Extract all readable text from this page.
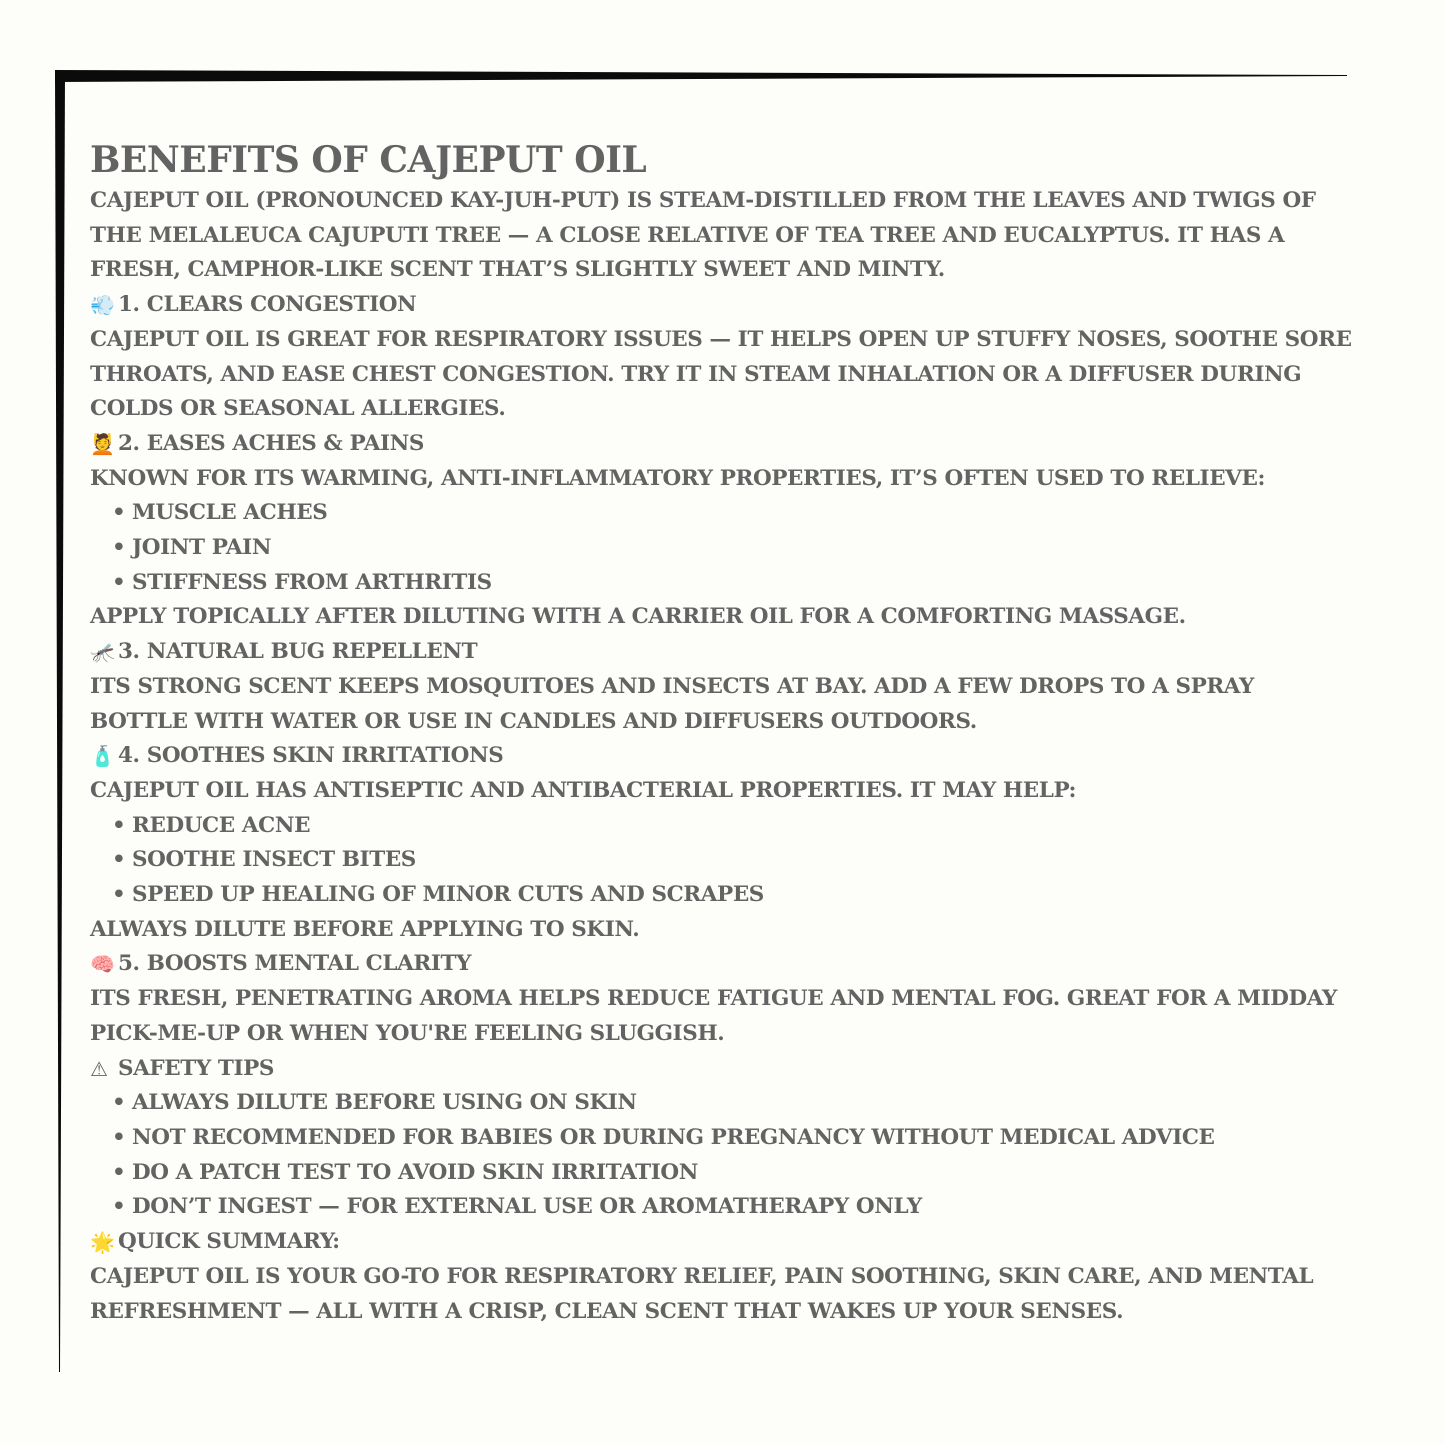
BENEFITS OF CAJEPUT OIL

CAJEPUT OIL (PRONOUNCED KAY-JUH-PUT) IS STEAM-DISTILLED FROM THE LEAVES AND TWIGS OF THE MELALEUCA CAJUPUTI TREE — A CLOSE RELATIVE OF TEA TREE AND EUCALYPTUS. IT HAS A FRESH, CAMPHOR-LIKE SCENT THAT’S SLIGHTLY SWEET AND MINTY.

💨 1. CLEARS CONGESTION

CAJEPUT OIL IS GREAT FOR RESPIRATORY ISSUES — IT HELPS OPEN UP STUFFY NOSES, SOOTHE SORE THROATS, AND EASE CHEST CONGESTION. TRY IT IN STEAM INHALATION OR A DIFFUSER DURING COLDS OR SEASONAL ALLERGIES.

💆 2. EASES ACHES & PAINS

KNOWN FOR ITS WARMING, ANTI-INFLAMMATORY PROPERTIES, IT’S OFTEN USED TO RELIEVE:

• MUSCLE ACHES
• JOINT PAIN
• STIFFNESS FROM ARTHRITIS

APPLY TOPICALLY AFTER DILUTING WITH A CARRIER OIL FOR A COMFORTING MASSAGE.

🦟 3. NATURAL BUG REPELLENT

ITS STRONG SCENT KEEPS MOSQUITOES AND INSECTS AT BAY. ADD A FEW DROPS TO A SPRAY BOTTLE WITH WATER OR USE IN CANDLES AND DIFFUSERS OUTDOORS.

🧴 4. SOOTHES SKIN IRRITATIONS

CAJEPUT OIL HAS ANTISEPTIC AND ANTIBACTERIAL PROPERTIES. IT MAY HELP:

• REDUCE ACNE
• SOOTHE INSECT BITES
• SPEED UP HEALING OF MINOR CUTS AND SCRAPES

ALWAYS DILUTE BEFORE APPLYING TO SKIN.

🧠 5. BOOSTS MENTAL CLARITY

ITS FRESH, PENETRATING AROMA HELPS REDUCE FATIGUE AND MENTAL FOG. GREAT FOR A MIDDAY PICK-ME-UP OR WHEN YOU'RE FEELING SLUGGISH.

⚠ SAFETY TIPS
• ALWAYS DILUTE BEFORE USING ON SKIN
• NOT RECOMMENDED FOR BABIES OR DURING PREGNANCY WITHOUT MEDICAL ADVICE
• DO A PATCH TEST TO AVOID SKIN IRRITATION
• DON’T INGEST — FOR EXTERNAL USE OR AROMATHERAPY ONLY
🌟 QUICK SUMMARY:

CAJEPUT OIL IS YOUR GO-TO FOR RESPIRATORY RELIEF, PAIN SOOTHING, SKIN CARE, AND MENTAL REFRESHMENT — ALL WITH A CRISP, CLEAN SCENT THAT WAKES UP YOUR SENSES.
